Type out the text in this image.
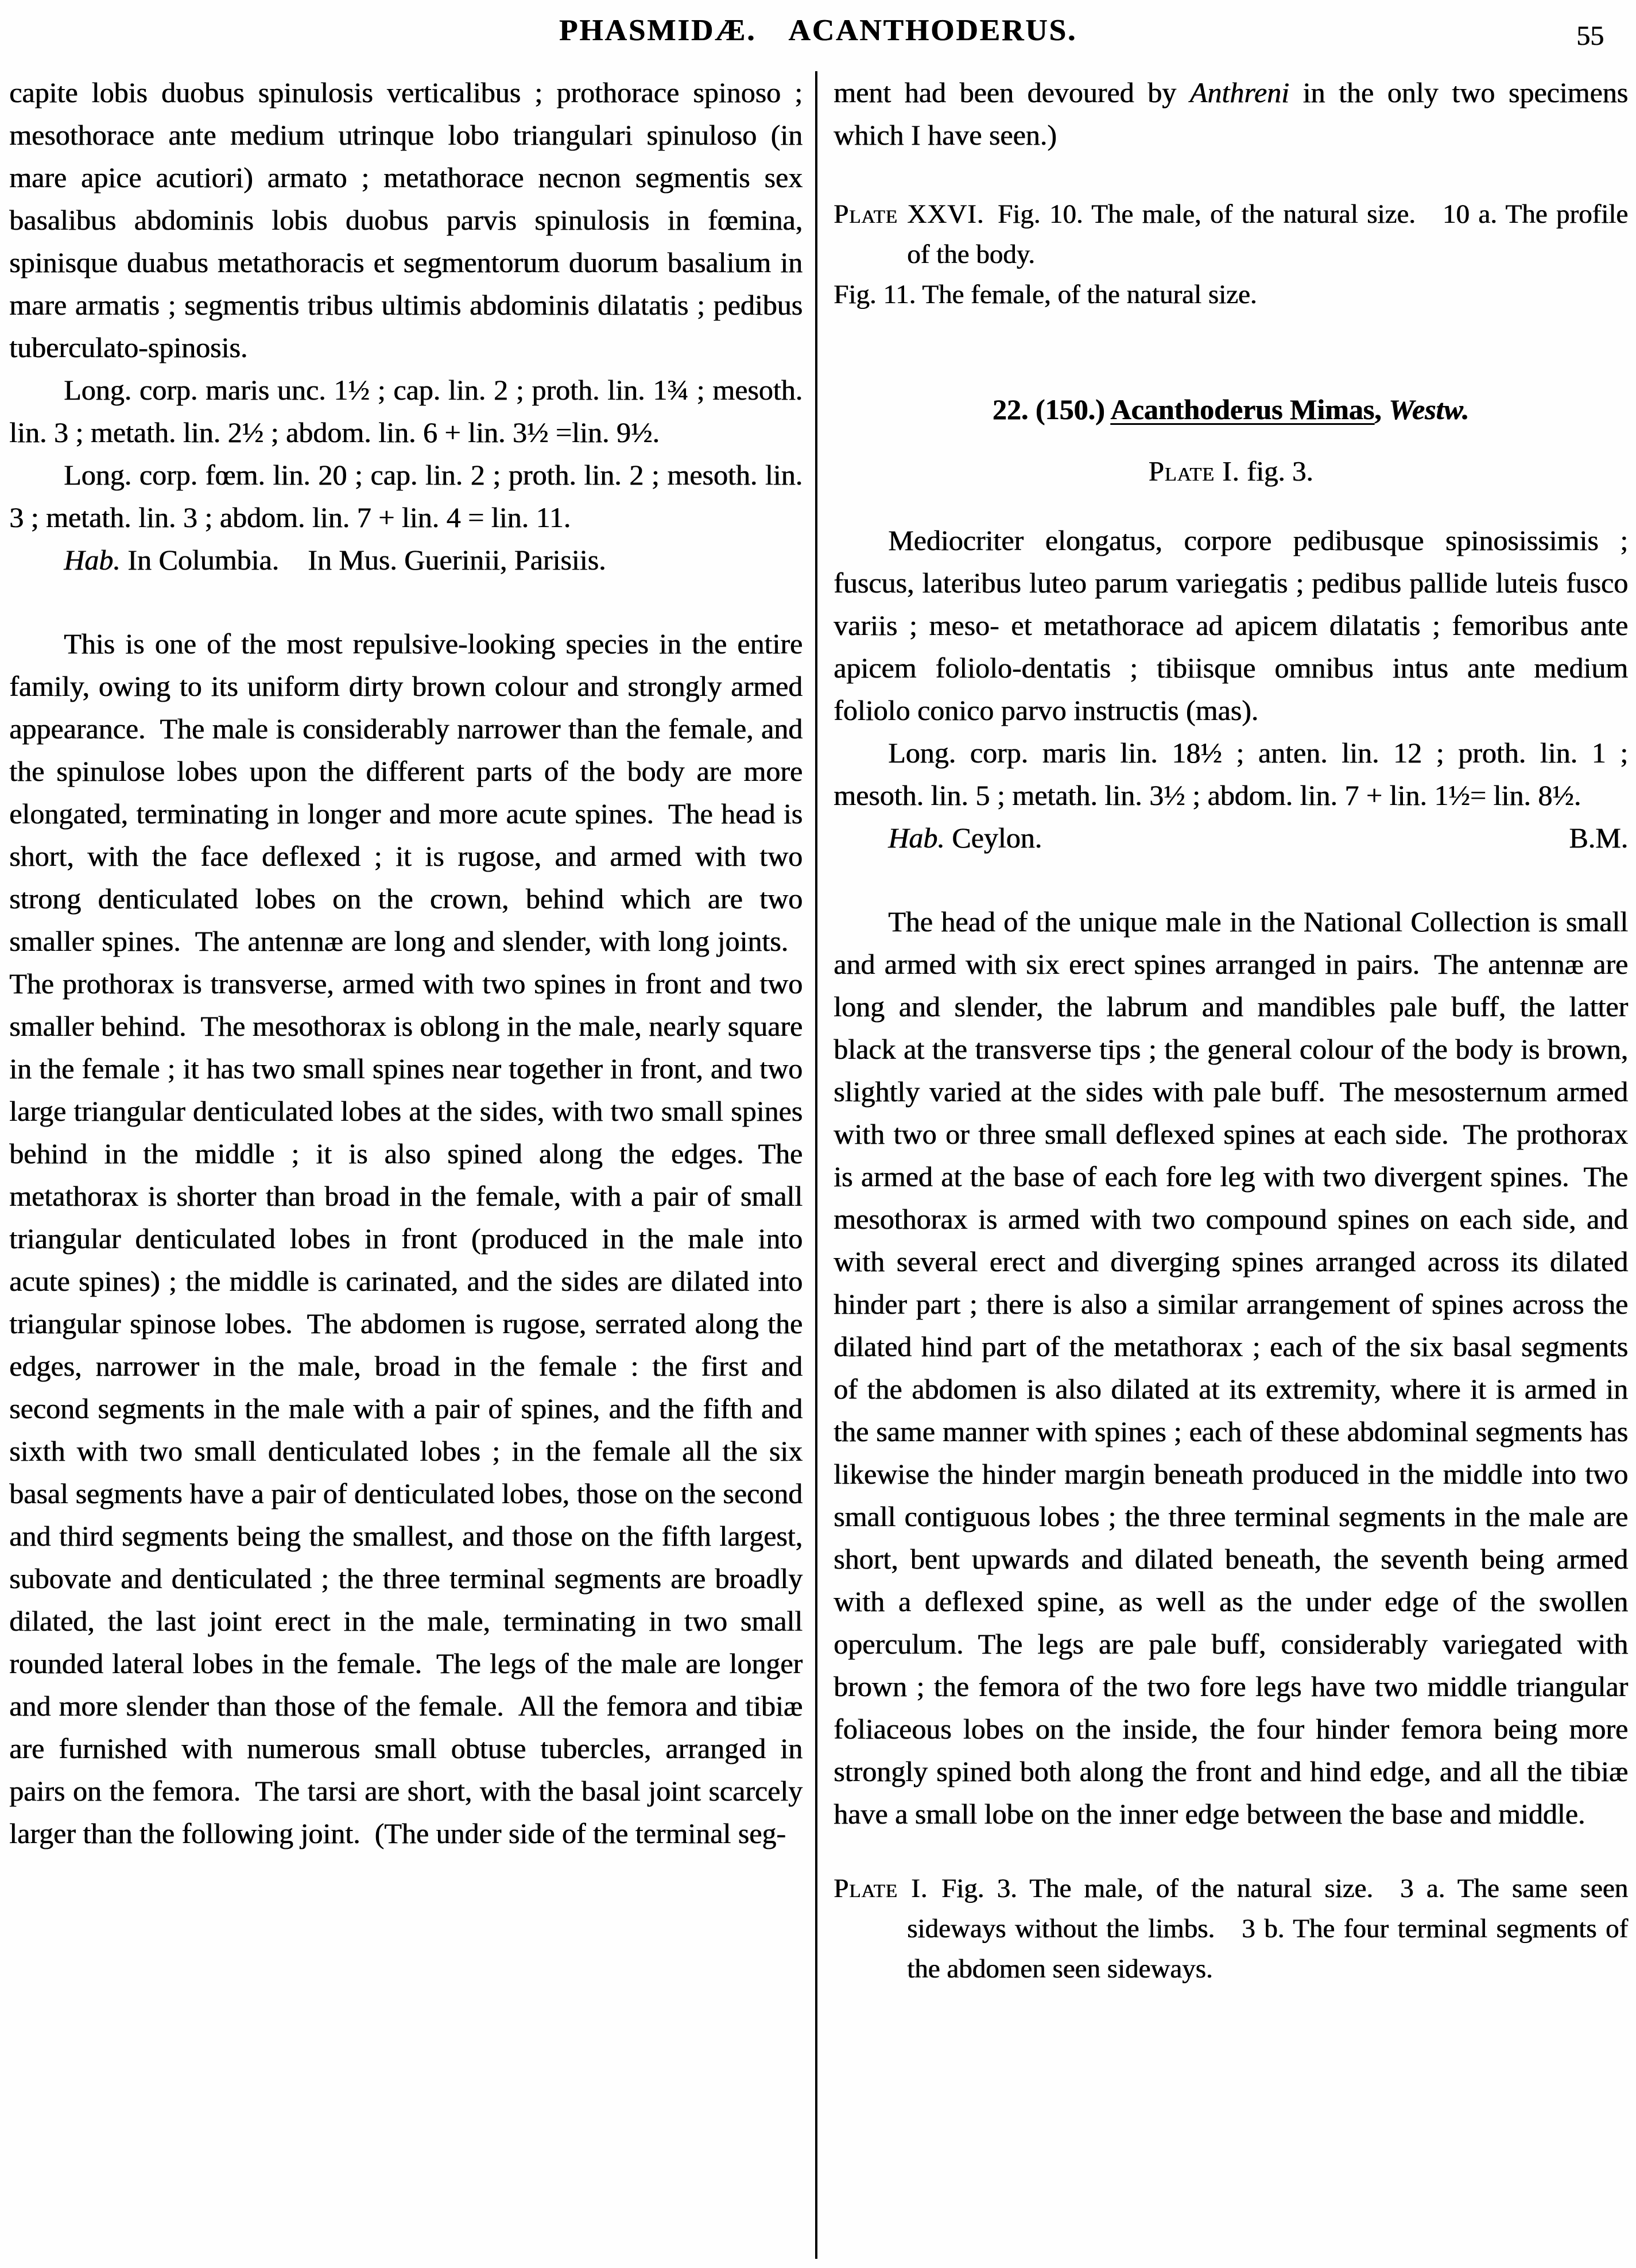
PHASMIDÆ. ACANTHODERUS.	55

capite lobis duobus spinulosis verticalibus ; prothorace spinoso ; mesothorace ante medium utrinque lobo triangulari spinuloso (in mare apice acutiori) armato ; metathorace necnon segmentis sex basalibus abdominis lobis duobus parvis spinulosis in fœmina, spinisque duabus metathoracis et segmentorum duorum basalium in mare armatis ; segmentis tribus ultimis abdominis dilatatis ; pedibus tuberculato-spinosis.

Long. corp. maris unc. 1½ ; cap. lin. 2 ; proth. lin. 1¾ ; mesoth. lin. 3 ; metath. lin. 2½ ; abdom. lin. 6 + lin. 3½ =lin. 9½.

Long. corp. fœm. lin. 20 ; cap. lin. 2 ; proth. lin. 2 ; mesoth. lin. 3 ; metath. lin. 3 ; abdom. lin. 7 + lin. 4 = lin. 11.

Hab. In Columbia. In Mus. Guerinii, Parisiis.

This is one of the most repulsive-looking species in the entire family, owing to its uniform dirty brown colour and strongly armed appearance. The male is considerably narrower than the female, and the spinulose lobes upon the different parts of the body are more elongated, terminating in longer and more acute spines. The head is short, with the face deflexed ; it is rugose, and armed with two strong denticulated lobes on the crown, behind which are two smaller spines. The antennæ are long and slender, with long joints. The prothorax is transverse, armed with two spines in front and two smaller behind. The mesothorax is oblong in the male, nearly square in the female ; it has two small spines near together in front, and two large triangular denticulated lobes at the sides, with two small spines behind in the middle ; it is also spined along the edges. The metathorax is shorter than broad in the female, with a pair of small triangular denticulated lobes in front (produced in the male into acute spines) ; the middle is carinated, and the sides are dilated into triangular spinose lobes. The abdomen is rugose, serrated along the edges, narrower in the male, broad in the female : the first and second segments in the male with a pair of spines, and the fifth and sixth with two small denticulated lobes ; in the female all the six basal segments have a pair of denticulated lobes, those on the second and third segments being the smallest, and those on the fifth largest, subovate and denticulated ; the three terminal segments are broadly dilated, the last joint erect in the male, terminating in two small rounded lateral lobes in the female. The legs of the male are longer and more slender than those of the female. All the femora and tibiæ are furnished with numerous small obtuse tubercles, arranged in pairs on the femora. The tarsi are short, with the basal joint scarcely larger than the following joint. (The under side of the terminal seg-

ment had been devoured by Anthreni in the only two specimens which I have seen.)

Plate XXVI. Fig. 10. The male, of the natural size. 10 a. The profile of the body.

Fig. 11. The female, of the natural size.

22. (150.) Acanthoderus Mimas, Westw.
Plate I. fig. 3.

Mediocriter elongatus, corpore pedibusque spinosissimis ; fuscus, lateribus luteo parum variegatis ; pedibus pallide luteis fusco variis ; meso- et metathorace ad apicem dilatatis ; femoribus ante apicem foliolo-dentatis ; tibiisque omnibus intus ante medium foliolo conico parvo instructis (mas).

Long. corp. maris lin. 18½ ; anten. lin. 12 ; proth. lin. 1 ; mesoth. lin. 5 ; metath. lin. 3½ ; abdom. lin. 7 + lin. 1½= lin. 8½.

B.M.
Hab. Ceylon.

The head of the unique male in the National Collection is small and armed with six erect spines arranged in pairs. The antennæ are long and slender, the labrum and mandibles pale buff, the latter black at the transverse tips ; the general colour of the body is brown, slightly varied at the sides with pale buff. The mesosternum armed with two or three small deflexed spines at each side. The prothorax is armed at the base of each fore leg with two divergent spines. The mesothorax is armed with two compound spines on each side, and with several erect and diverging spines arranged across its dilated hinder part ; there is also a similar arrangement of spines across the dilated hind part of the metathorax ; each of the six basal segments of the abdomen is also dilated at its extremity, where it is armed in the same manner with spines ; each of these abdominal segments has likewise the hinder margin beneath produced in the middle into two small contiguous lobes ; the three terminal segments in the male are short, bent upwards and dilated beneath, the seventh being armed with a deflexed spine, as well as the under edge of the swollen operculum. The legs are pale buff, considerably variegated with brown ; the femora of the two fore legs have two middle triangular foliaceous lobes on the inside, the four hinder femora being more strongly spined both along the front and hind edge, and all the tibiæ have a small lobe on the inner edge between the base and middle.

Plate I. Fig. 3. The male, of the natural size. 3 a. The same seen sideways without the limbs. 3 b. The four terminal segments of the abdomen seen sideways.
